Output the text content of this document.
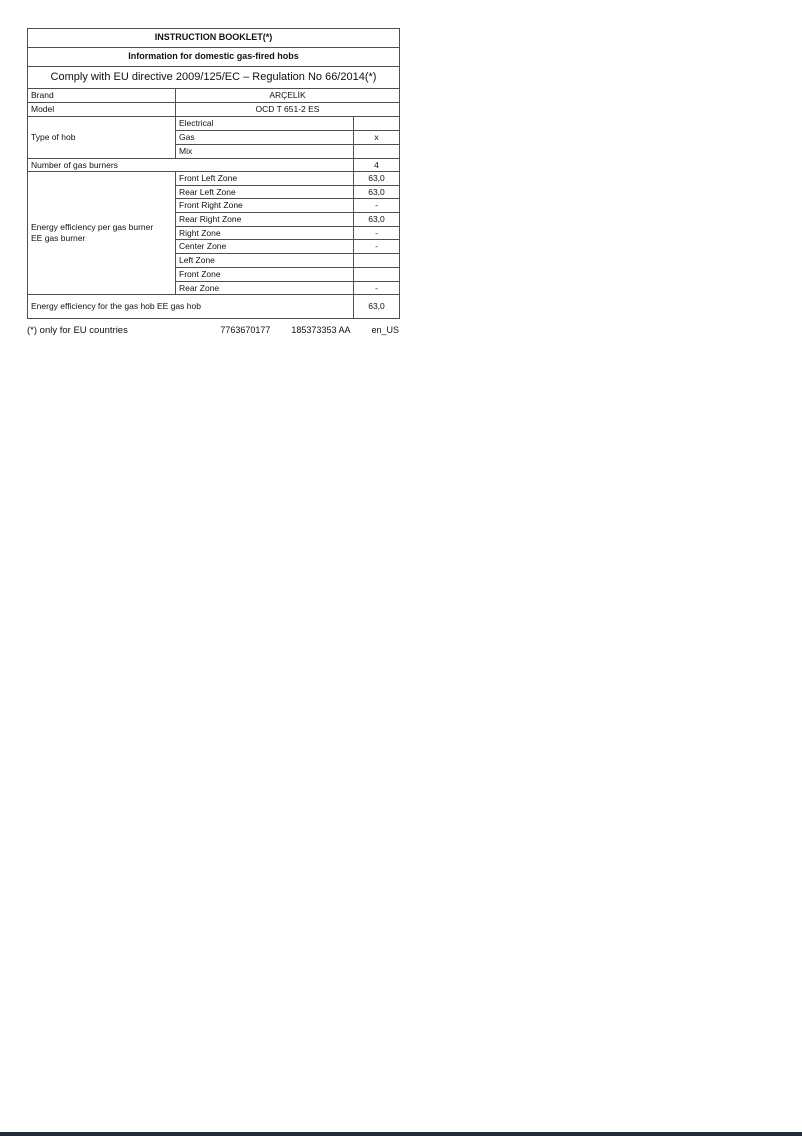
INSTRUCTION BOOKLET(*)		
Information for domestic gas-fired hobs		
Comply with EU directive 2009/125/EC – Regulation No 66/2014(*)		
Brand	ARÇELİK	
Model	OCD T 651-2 ES	
Type of hob	Electrical	
	Gas	x
	Mix	
Number of gas burners		4
Energy efficiency per gas burner
EE gas burner	Front Left Zone	63,0
	Rear Left Zone	63,0
	Front Right Zone	-
	Rear Right Zone	63,0
	Right Zone	-
	Center Zone	-
	Left Zone	
	Front Zone	
	Rear Zone	-
Energy efficiency for the gas hob EE gas hob		63,0
(*) only for EU countries	7763670177 185373353 AA en_US
